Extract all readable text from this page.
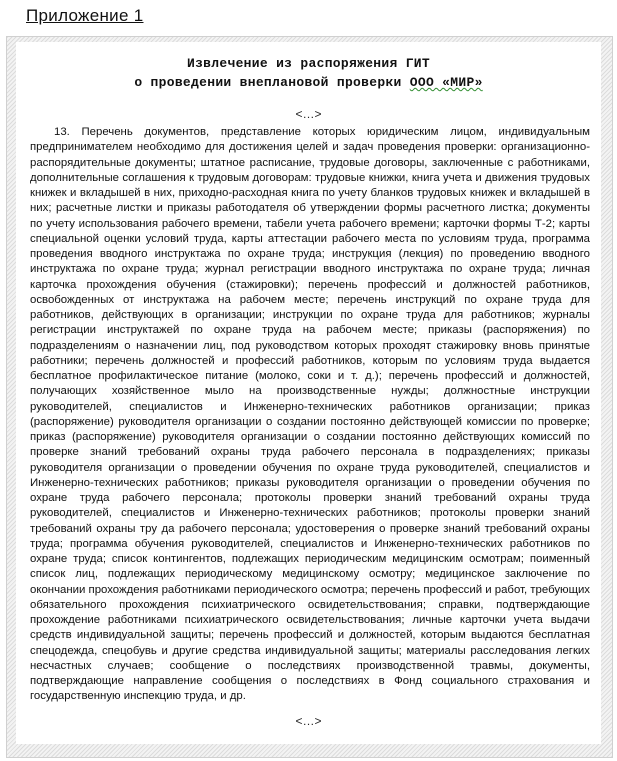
Приложение 1
Извлечение из распоряжения ГИТ
о проведении внеплановой проверки ООО «МИР»
<…>
13. Перечень документов, представление которых юридическим лицом, индивидуальным предпринимателем необходимо для достижения целей и задач проведения проверки: организационно-распорядительные документы; штатное расписание, трудовые договоры, заключенные с работниками, дополнительные соглашения к трудовым договорам: трудовые книжки, книга учета и движения трудовых книжек и вкладышей в них, приходно-расходная книга по учету бланков трудовых книжек и вкладышей в них; расчетные листки и приказы работодателя об утверждении формы расчетного листка; документы по учету использования рабочего времени, табели учета рабочего времени; карточки формы Т-2; карты специальной оценки условий труда, карты аттестации рабочего места по условиям труда, программа проведения вводного инструктажа по охране труда; инструкция (лекция) по проведению вводного инструктажа по охране труда; журнал регистрации вводного инструктажа по охране труда; личная карточка прохождения обучения (стажировки); перечень профессий и должностей работников, освобожденных от инструктажа на рабочем месте; перечень инструкций по охране труда для работников, действующих в организации; инструкции по охране труда для работников; журналы регистрации инструктажей по охране труда на рабочем месте; приказы (распоряжения) по подразделениям о назначении лиц, под руководством которых проходят стажировку вновь принятые работники; перечень должностей и профессий работников, которым по условиям труда выдается бесплатное профилактическое питание (молоко, соки и т. д.); перечень профессий и должностей, получающих хозяйственное мыло на производственные нужды; должностные инструкции руководителей, специалистов и Инженерно-технических работников организации; приказ (распоряжение) руководителя организации о создании постоянно действующей комиссии по проверке; приказ (распоряжение) руководителя организации о создании постоянно действующих комиссий по проверке знаний требований охраны труда рабочего персонала в подразделениях; приказы руководителя организации о проведении обучения по охране труда руководителей, специалистов и Инженерно-технических работников; приказы руководителя организации о проведении обучения по охране труда рабочего персонала; протоколы проверки знаний требований охраны труда руководителей, специалистов и Инженерно-технических работников; протоколы проверки знаний требований охраны тру да рабочего персонала; удостоверения о проверке знаний требований охраны труда; программа обучения руководителей, специалистов и Инженерно-технических работников по охране труда; список контингентов, подлежащих периодическим медицинским осмотрам; поименный список лиц, подлежащих периодическому медицинскому осмотру; медицинское заключение по окончании прохождения работниками периодического осмотра; перечень профессий и работ, требующих обязательного прохождения психиатрического освидетельствования; справки, подтверждающие прохождение работниками психиатрического освидетельствования; личные карточки учета выдачи средств индивидуальной защиты; перечень профессий и должностей, которым выдаются бесплатная спецодежда, спецобувь и другие средства индивидуальной защиты; материалы расследования легких несчастных случаев; сообщение о последствиях производственной травмы, документы, подтверждающие направление сообщения о последствиях в Фонд социального страхования и государственную инспекцию труда, и др.
<…>
